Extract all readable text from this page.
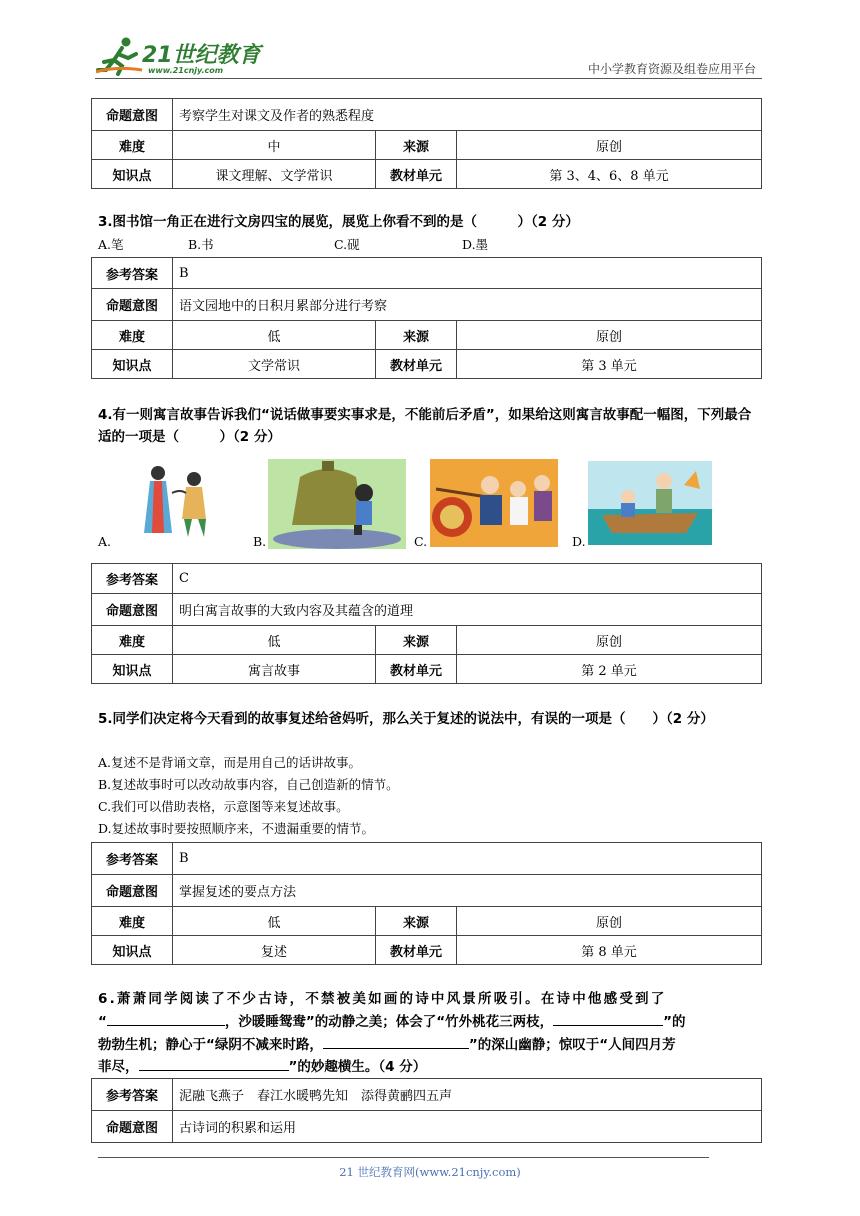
21世纪教育
www.21cnjy.com	中小学教育资源及组卷应用平台
命题意图	考察学生对课文及作者的熟悉程度		
难度	中	来源	原创
知识点	课文理解、文学常识	教材单元	第 3、4、6、8 单元
3.图书馆一角正在进行文房四宝的展览，展览上你看不到的是（　　　）（2 分）
A.笔	B.书	C.砚	D.墨
参考答案	B		
命题意图	语文园地中的日积月累部分进行考察		
难度	低	来源	原创
知识点	文学常识	教材单元	第 3 单元
4.有一则寓言故事告诉我们“说话做事要实事求是，不能前后矛盾”，如果给这则寓言故事配一幅图，下列最合适的一项是（　　　）（2 分）
A.	B.	C.	D.
参考答案	C		
命题意图	明白寓言故事的大致内容及其蕴含的道理		
难度	低	来源	原创
知识点	寓言故事	教材单元	第 2 单元
5.同学们决定将今天看到的故事复述给爸妈听，那么关于复述的说法中，有误的一项是（　　）（2 分）
A.复述不是背诵文章，而是用自己的话讲故事。
B.复述故事时可以改动故事内容，自己创造新的情节。
C.我们可以借助表格，示意图等来复述故事。
D.复述故事时要按照顺序来，不遗漏重要的情节。
参考答案	B		
命题意图	掌握复述的要点方法		
难度	低	来源	原创
知识点	复述	教材单元	第 8 单元
6.萧萧同学阅读了不少古诗，不禁被美如画的诗中风景所吸引。在诗中他感受到了
“	，沙暖睡鸳鸯”的动静之美；体会了“竹外桃花三两枝，	”的
勃勃生机；静心于“绿阴不减来时路，	”的深山幽静；惊叹于“人间四月芳
菲尽，	”的妙趣横生。（4 分）
参考答案	泥融飞燕子　春江水暖鸭先知　添得黄鹂四五声
命题意图	古诗词的积累和运用
21 世纪教育网(www.21cnjy.com)
